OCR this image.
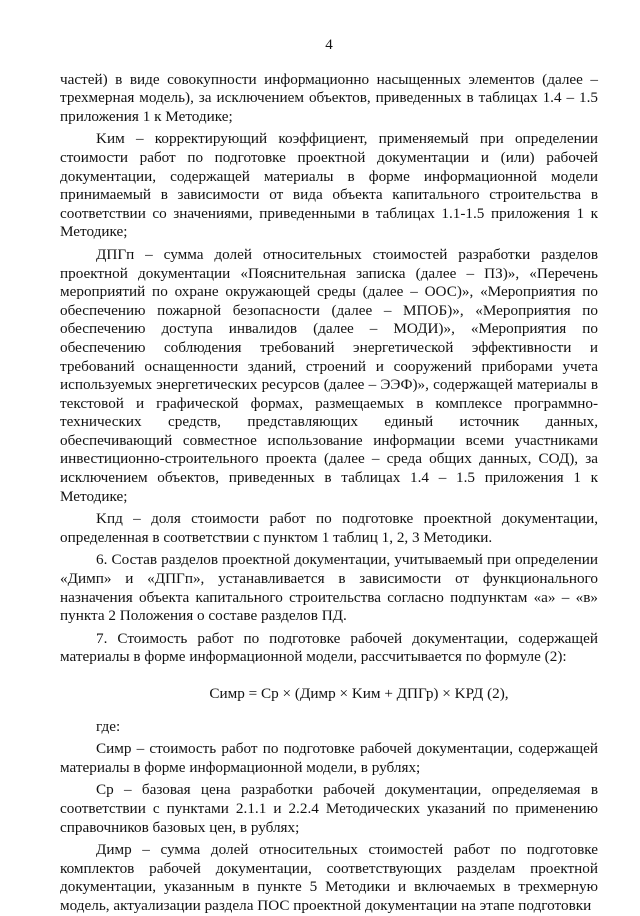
4

частей) в виде совокупности информационно насыщенных элементов (далее – трехмерная модель), за исключением объектов, приведенных в таблицах 1.4 – 1.5 приложения 1 к Методике;

Kим – корректирующий коэффициент, применяемый при определении стоимости работ по подготовке проектной документации и (или) рабочей документации, содержащей материалы в форме информационной модели принимаемый в зависимости от вида объекта капитального строительства в соответствии со значениями, приведенными в таблицах 1.1-1.5 приложения 1 к Методике;

ДПГп – сумма долей относительных стоимостей разработки разделов проектной документации «Пояснительная записка (далее – ПЗ)», «Перечень мероприятий по охране окружающей среды (далее – ООС)», «Мероприятия по обеспечению пожарной безопасности (далее – МПОБ)», «Мероприятия по обеспечению доступа инвалидов (далее – МОДИ)», «Мероприятия по обеспечению соблюдения требований энергетической эффективности и требований оснащенности зданий, строений и сооружений приборами учета используемых энергетических ресурсов (далее – ЭЭФ)», содержащей материалы в текстовой и графической формах, размещаемых в комплексе программно-технических средств, представляющих единый источник данных, обеспечивающий совместное использование информации всеми участниками инвестиционно-строительного проекта (далее – среда общих данных, СОД), за исключением объектов, приведенных в таблицах 1.4 – 1.5 приложения 1 к Методике;

Kпд – доля стоимости работ по подготовке проектной документации, определенная в соответствии с пунктом 1 таблиц 1, 2, 3 Методики.

6. Состав разделов проектной документации, учитываемый при определении «Димп» и «ДПГп», устанавливается в зависимости от функционального назначения объекта капитального строительства согласно подпунктам «а» – «в» пункта 2 Положения о составе разделов ПД.

7. Стоимость работ по подготовке рабочей документации, содержащей материалы в форме информационной модели, рассчитывается по формуле (2):

Симр = Ср × (Димр × Kим + ДПГр) × KРД (2),

где:

Симр – стоимость работ по подготовке рабочей документации, содержащей материалы в форме информационной модели, в рублях;

Ср – базовая цена разработки рабочей документации, определяемая в соответствии с пунктами 2.1.1 и 2.2.4 Методических указаний по применению справочников базовых цен, в рублях;

Димр – сумма долей относительных стоимостей работ по подготовке комплектов рабочей документации, соответствующих разделам проектной документации, указанным в пункте 5 Методики и включаемых в трехмерную модель, актуализации раздела ПОС проектной документации на этапе подготовки
